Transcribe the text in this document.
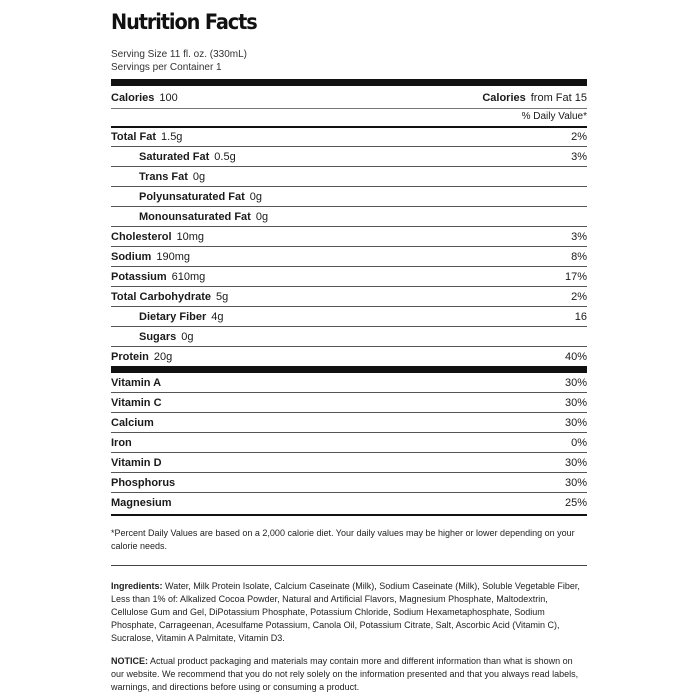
Nutrition Facts
Serving Size 11 fl. oz. (330mL)
Servings per Container 1
Calories 100	Calories from Fat 15
% Daily Value*
Total Fat 1.5g	2%
Saturated Fat 0.5g	3%
Trans Fat 0g
Polyunsaturated Fat 0g
Monounsaturated Fat 0g
Cholesterol 10mg	3%
Sodium 190mg	8%
Potassium 610mg	17%
Total Carbohydrate 5g	2%
Dietary Fiber 4g	16
Sugars 0g
Protein 20g	40%
Vitamin A	30%
Vitamin C	30%
Calcium	30%
Iron	0%
Vitamin D	30%
Phosphorus	30%
Magnesium	25%
*Percent Daily Values are based on a 2,000 calorie diet. Your daily values may be higher or lower depending on your calorie needs.
Ingredients: Water, Milk Protein Isolate, Calcium Caseinate (Milk), Sodium Caseinate (Milk), Soluble Vegetable Fiber, Less than 1% of: Alkalized Cocoa Powder, Natural and Artificial Flavors, Magnesium Phosphate, Maltodextrin, Cellulose Gum and Gel, DiPotassium Phosphate, Potassium Chloride, Sodium Hexametaphosphate, Sodium Phosphate, Carrageenan, Acesulfame Potassium, Canola Oil, Potassium Citrate, Salt, Ascorbic Acid (Vitamin C), Sucralose, Vitamin A Palmitate, Vitamin D3.
NOTICE: Actual product packaging and materials may contain more and different information than what is shown on our website. We recommend that you do not rely solely on the information presented and that you always read labels, warnings, and directions before using or consuming a product.
